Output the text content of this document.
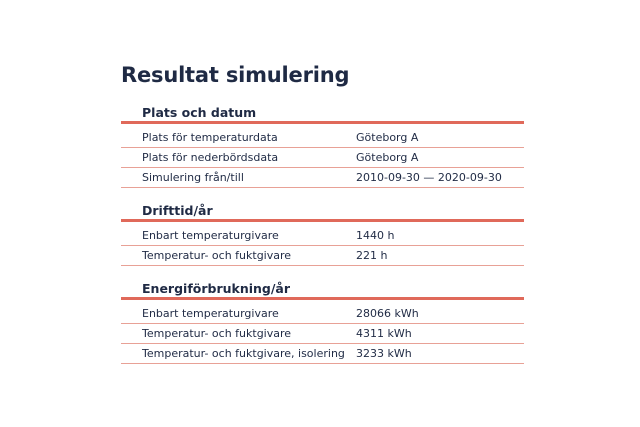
Resultat simulering
Plats och datum
Plats för temperaturdata	Göteborg A
Plats för nederbördsdata	Göteborg A
Simulering från/till	2010-09-30 — 2020-09-30
Drifttid/år
Enbart temperaturgivare	1440 h
Temperatur- och fuktgivare	221 h
Energiförbrukning/år
Enbart temperaturgivare	28066 kWh
Temperatur- och fuktgivare	4311 kWh
Temperatur- och fuktgivare, isolering	3233 kWh
